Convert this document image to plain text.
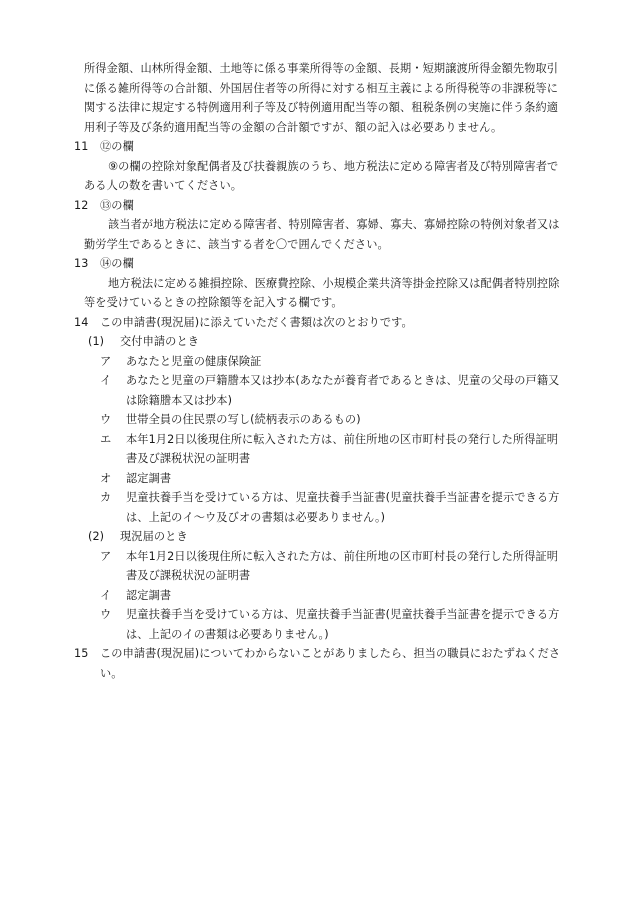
所得金額、山林所得金額、土地等に係る事業所得等の金額、長期・短期譲渡所得金額先物取引に係る雑所得等の合計額、外国居住者等の所得に対する相互主義による所得税等の非課税等に関する法律に規定する特例適用利子等及び特例適用配当等の額、租税条例の実施に伴う条約適用利子等及び条約適用配当等の金額の合計額ですが、額の記入は必要ありません。

11	⑫の欄

⑨の欄の控除対象配偶者及び扶養親族のうち、地方税法に定める障害者及び特別障害者である人の数を書いてください。

12	⑬の欄

該当者が地方税法に定める障害者、特別障害者、寡婦、寡夫、寡婦控除の特例対象者又は勤労学生であるときに、該当する者を〇で囲んでください。

13	⑭の欄

地方税法に定める雑損控除、医療費控除、小規模企業共済等掛金控除又は配偶者特別控除等を受けているときの控除額等を記入する欄です。

14	この申請書(現況届)に添えていただく書類は次のとおりです。
(1)	交付申請のとき
ア あなたと児童の健康保険証
イ あなたと児童の戸籍謄本又は抄本(あなたが養育者であるときは、児童の父母の戸籍又は除籍謄本又は抄本)
ウ 世帯全員の住民票の写し(続柄表示のあるもの)
エ 本年1月2日以後現住所に転入された方は、前住所地の区市町村長の発行した所得証明書及び課税状況の証明書
オ 認定調書
カ 児童扶養手当を受けている方は、児童扶養手当証書(児童扶養手当証書を提示できる方は、上記のイ～ウ及びオの書類は必要ありません。)
(2)	現況届のとき
ア 本年1月2日以後現住所に転入された方は、前住所地の区市町村長の発行した所得証明書及び課税状況の証明書
イ 認定調書
ウ 児童扶養手当を受けている方は、児童扶養手当証書(児童扶養手当証書を提示できる方は、上記のイの書類は必要ありません。)
15	この申請書(現況届)についてわからないことがありましたら、担当の職員におたずねください。
